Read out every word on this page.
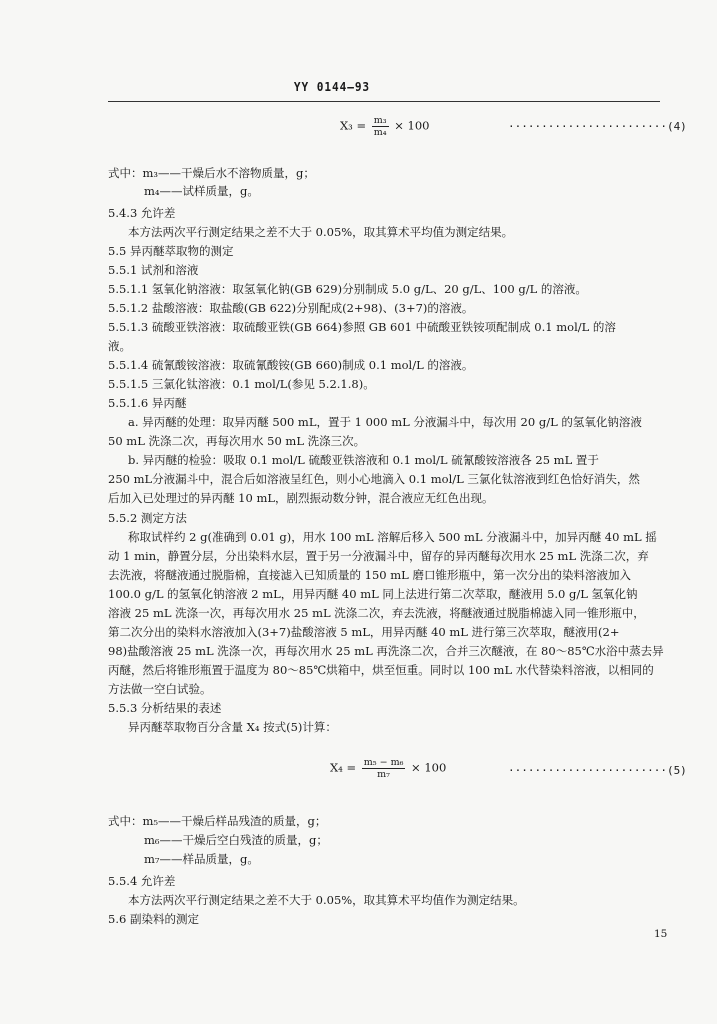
YY 0144—93
$X_3 = \frac{\text{m₃}}{\text{m₄}} \times 100$	························(4)
式中：m₃——干燥后水不溶物质量，g；
m₄——试样质量，g。
5.4.3 允许差
本方法两次平行测定结果之差不大于 0.05%，取其算术平均值为测定结果。
5.5 异丙醚萃取物的测定
5.5.1 试剂和溶液
5.5.1.1 氢氧化钠溶液：取氢氧化钠(GB 629)分别制成 5.0 g/L、20 g/L、100 g/L 的溶液。
5.5.1.2 盐酸溶液：取盐酸(GB 622)分别配成(2+98)、(3+7)的溶液。
5.5.1.3 硫酸亚铁溶液：取硫酸亚铁(GB 664)参照 GB 601 中硫酸亚铁铵项配制成 0.1 mol/L 的溶
液。
5.5.1.4 硫氰酸铵溶液：取硫氰酸铵(GB 660)制成 0.1 mol/L 的溶液。
5.5.1.5 三氯化钛溶液：0.1 mol/L(参见 5.2.1.8)。
5.5.1.6 异丙醚
a. 异丙醚的处理：取异丙醚 500 mL，置于 1 000 mL 分液漏斗中，每次用 20 g/L 的氢氧化钠溶液
50 mL 洗涤二次，再每次用水 50 mL 洗涤三次。
b. 异丙醚的检验：吸取 0.1 mol/L 硫酸亚铁溶液和 0.1 mol/L 硫氰酸铵溶液各 25 mL 置于
250 mL分液漏斗中，混合后如溶液呈红色，则小心地滴入 0.1 mol/L 三氯化钛溶液到红色恰好消失，然
后加入已处理过的异丙醚 10 mL，剧烈振动数分钟，混合液应无红色出现。
5.5.2 测定方法
称取试样约 2 g(准确到 0.01 g)，用水 100 mL 溶解后移入 500 mL 分液漏斗中，加异丙醚 40 mL 摇
动 1 min，静置分层，分出染料水层，置于另一分液漏斗中，留存的异丙醚每次用水 25 mL 洗涤二次，弃
去洗液，将醚液通过脱脂棉，直接滤入已知质量的 150 mL 磨口锥形瓶中，第一次分出的染料溶液加入
100.0 g/L 的氢氧化钠溶液 2 mL，用异丙醚 40 mL 同上法进行第二次萃取，醚液用 5.0 g/L 氢氧化钠
溶液 25 mL 洗涤一次，再每次用水 25 mL 洗涤二次，弃去洗液，将醚液通过脱脂棉滤入同一锥形瓶中，
第二次分出的染料水溶液加入(3+7)盐酸溶液 5 mL，用异丙醚 40 mL 进行第三次萃取，醚液用(2+
98)盐酸溶液 25 mL 洗涤一次，再每次用水 25 mL 再洗涤二次，合并三次醚液，在 80～85℃水浴中蒸去异
丙醚，然后将锥形瓶置于温度为 80～85℃烘箱中，烘至恒重。同时以 100 mL 水代替染料溶液，以相同的
方法做一空白试验。
5.5.3 分析结果的表述
异丙醚萃取物百分含量 X₄ 按式(5)计算：
$X_4 = \frac{\text{m₅ − m₆}}{\text{m₇}} \times 100$	························(5)
式中：m₅——干燥后样品残渣的质量，g；
m₆——干燥后空白残渣的质量，g；
m₇——样品质量，g。
5.5.4 允许差
本方法两次平行测定结果之差不大于 0.05%，取其算术平均值作为测定结果。
5.6 副染料的测定
15
